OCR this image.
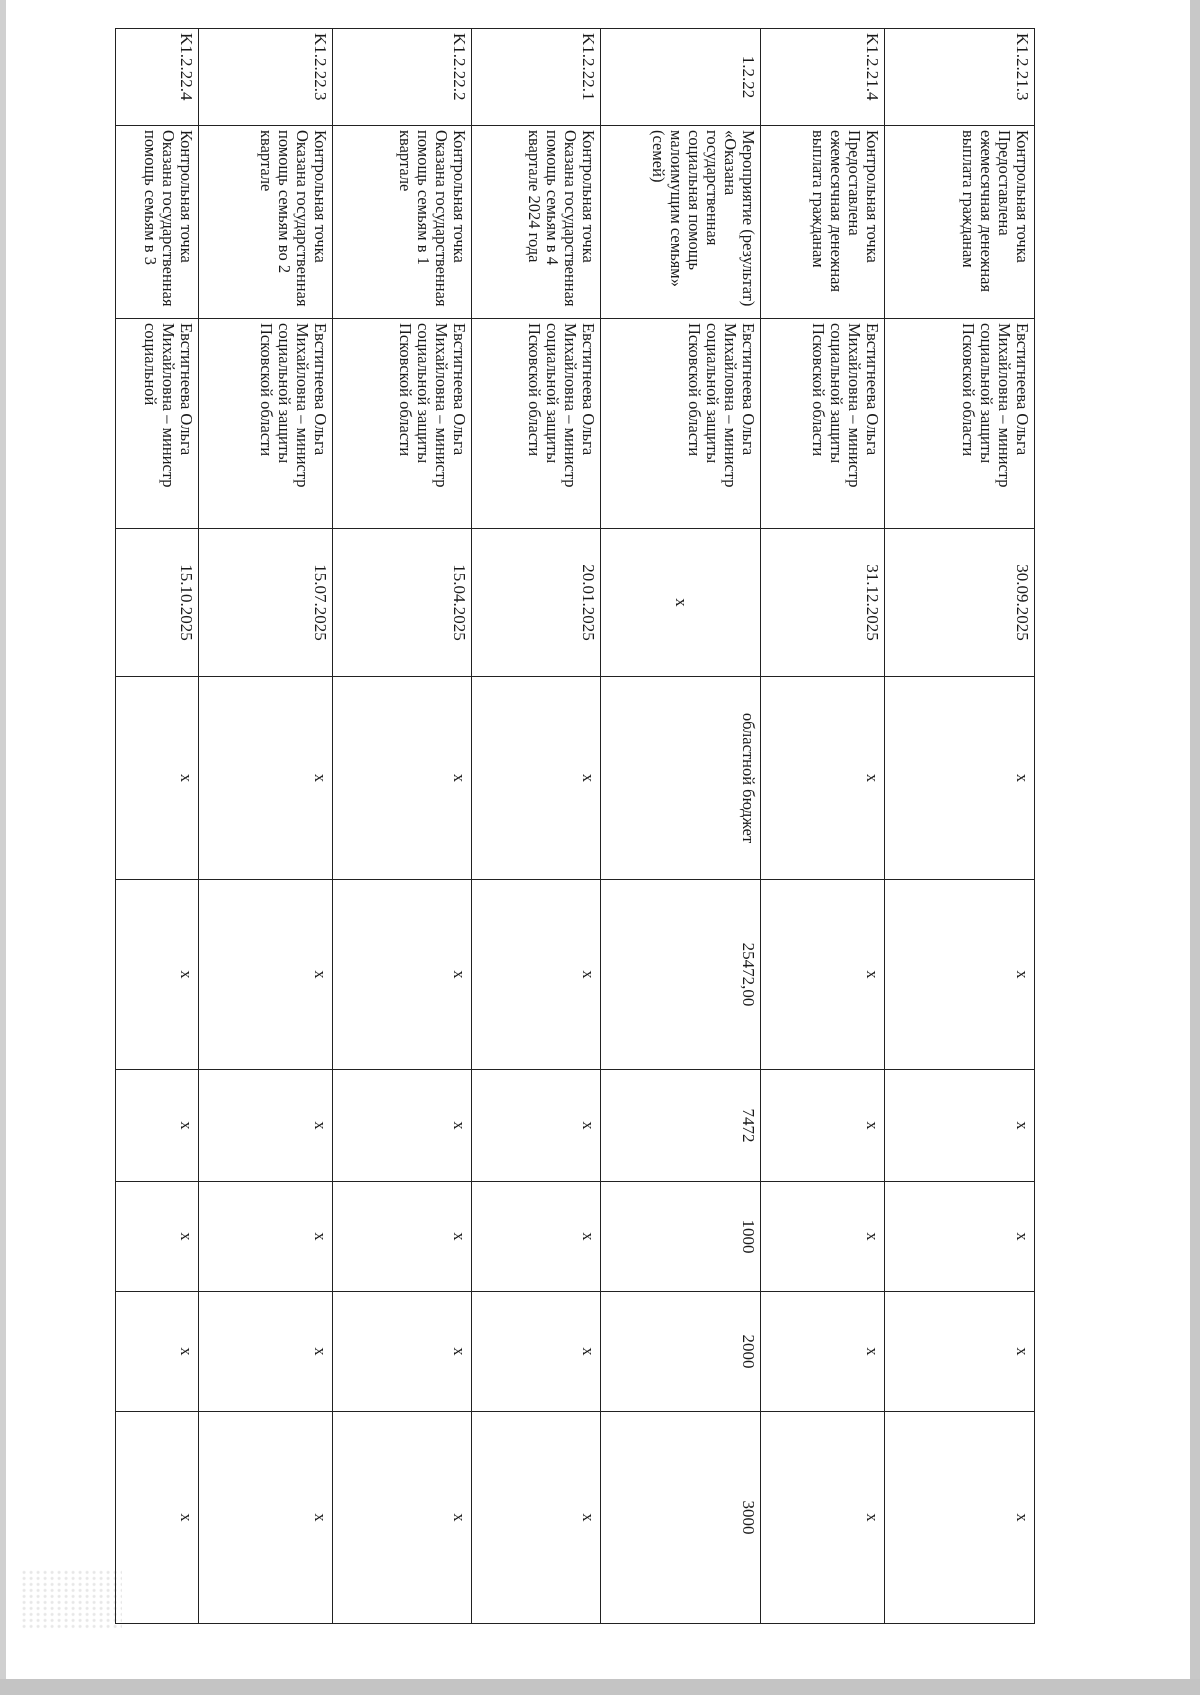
K1.2.21.3	Контрольная точка Предоставлена ежемесячная денежная выплата гражданам	Евстигнеева Ольга Михайловна – министр социальной защиты Псковской области	30.09.2025	x	x	x	x	x	x
K1.2.21.4	Контрольная точка Предоставлена ежемесячная денежная выплата гражданам	Евстигнеева Ольга Михайловна – министр социальной защиты Псковской области	31.12.2025	x	x	x	x	x	x
1.2.22	Мероприятие (результат) «Оказана государственная социальная помощь малоимущим семьям» (семей)	Евстигнеева Ольга Михайловна – министр социальной защиты Псковской области	x	областной бюджет	25472,00	7472	1000	2000	3000
K1.2.22.1	Контрольная точка Оказана государственная помощь семьям в 4 квартале 2024 года	Евстигнеева Ольга Михайловна – министр социальной защиты Псковской области	20.01.2025	x	x	x	x	x	x
K1.2.22.2	Контрольная точка Оказана государственная помощь семьям в 1 квартале	Евстигнеева Ольга Михайловна – министр социальной защиты Псковской области	15.04.2025	x	x	x	x	x	x
K1.2.22.3	Контрольная точка Оказана государственная помощь семьям во 2 квартале	Евстигнеева Ольга Михайловна – министр социальной защиты Псковской области	15.07.2025	x	x	x	x	x	x
K1.2.22.4	Контрольная точка Оказана государственная помощь семьям в 3	Евстигнеева Ольга Михайловна – министр социальной	15.10.2025	x	x	x	x	x	x
